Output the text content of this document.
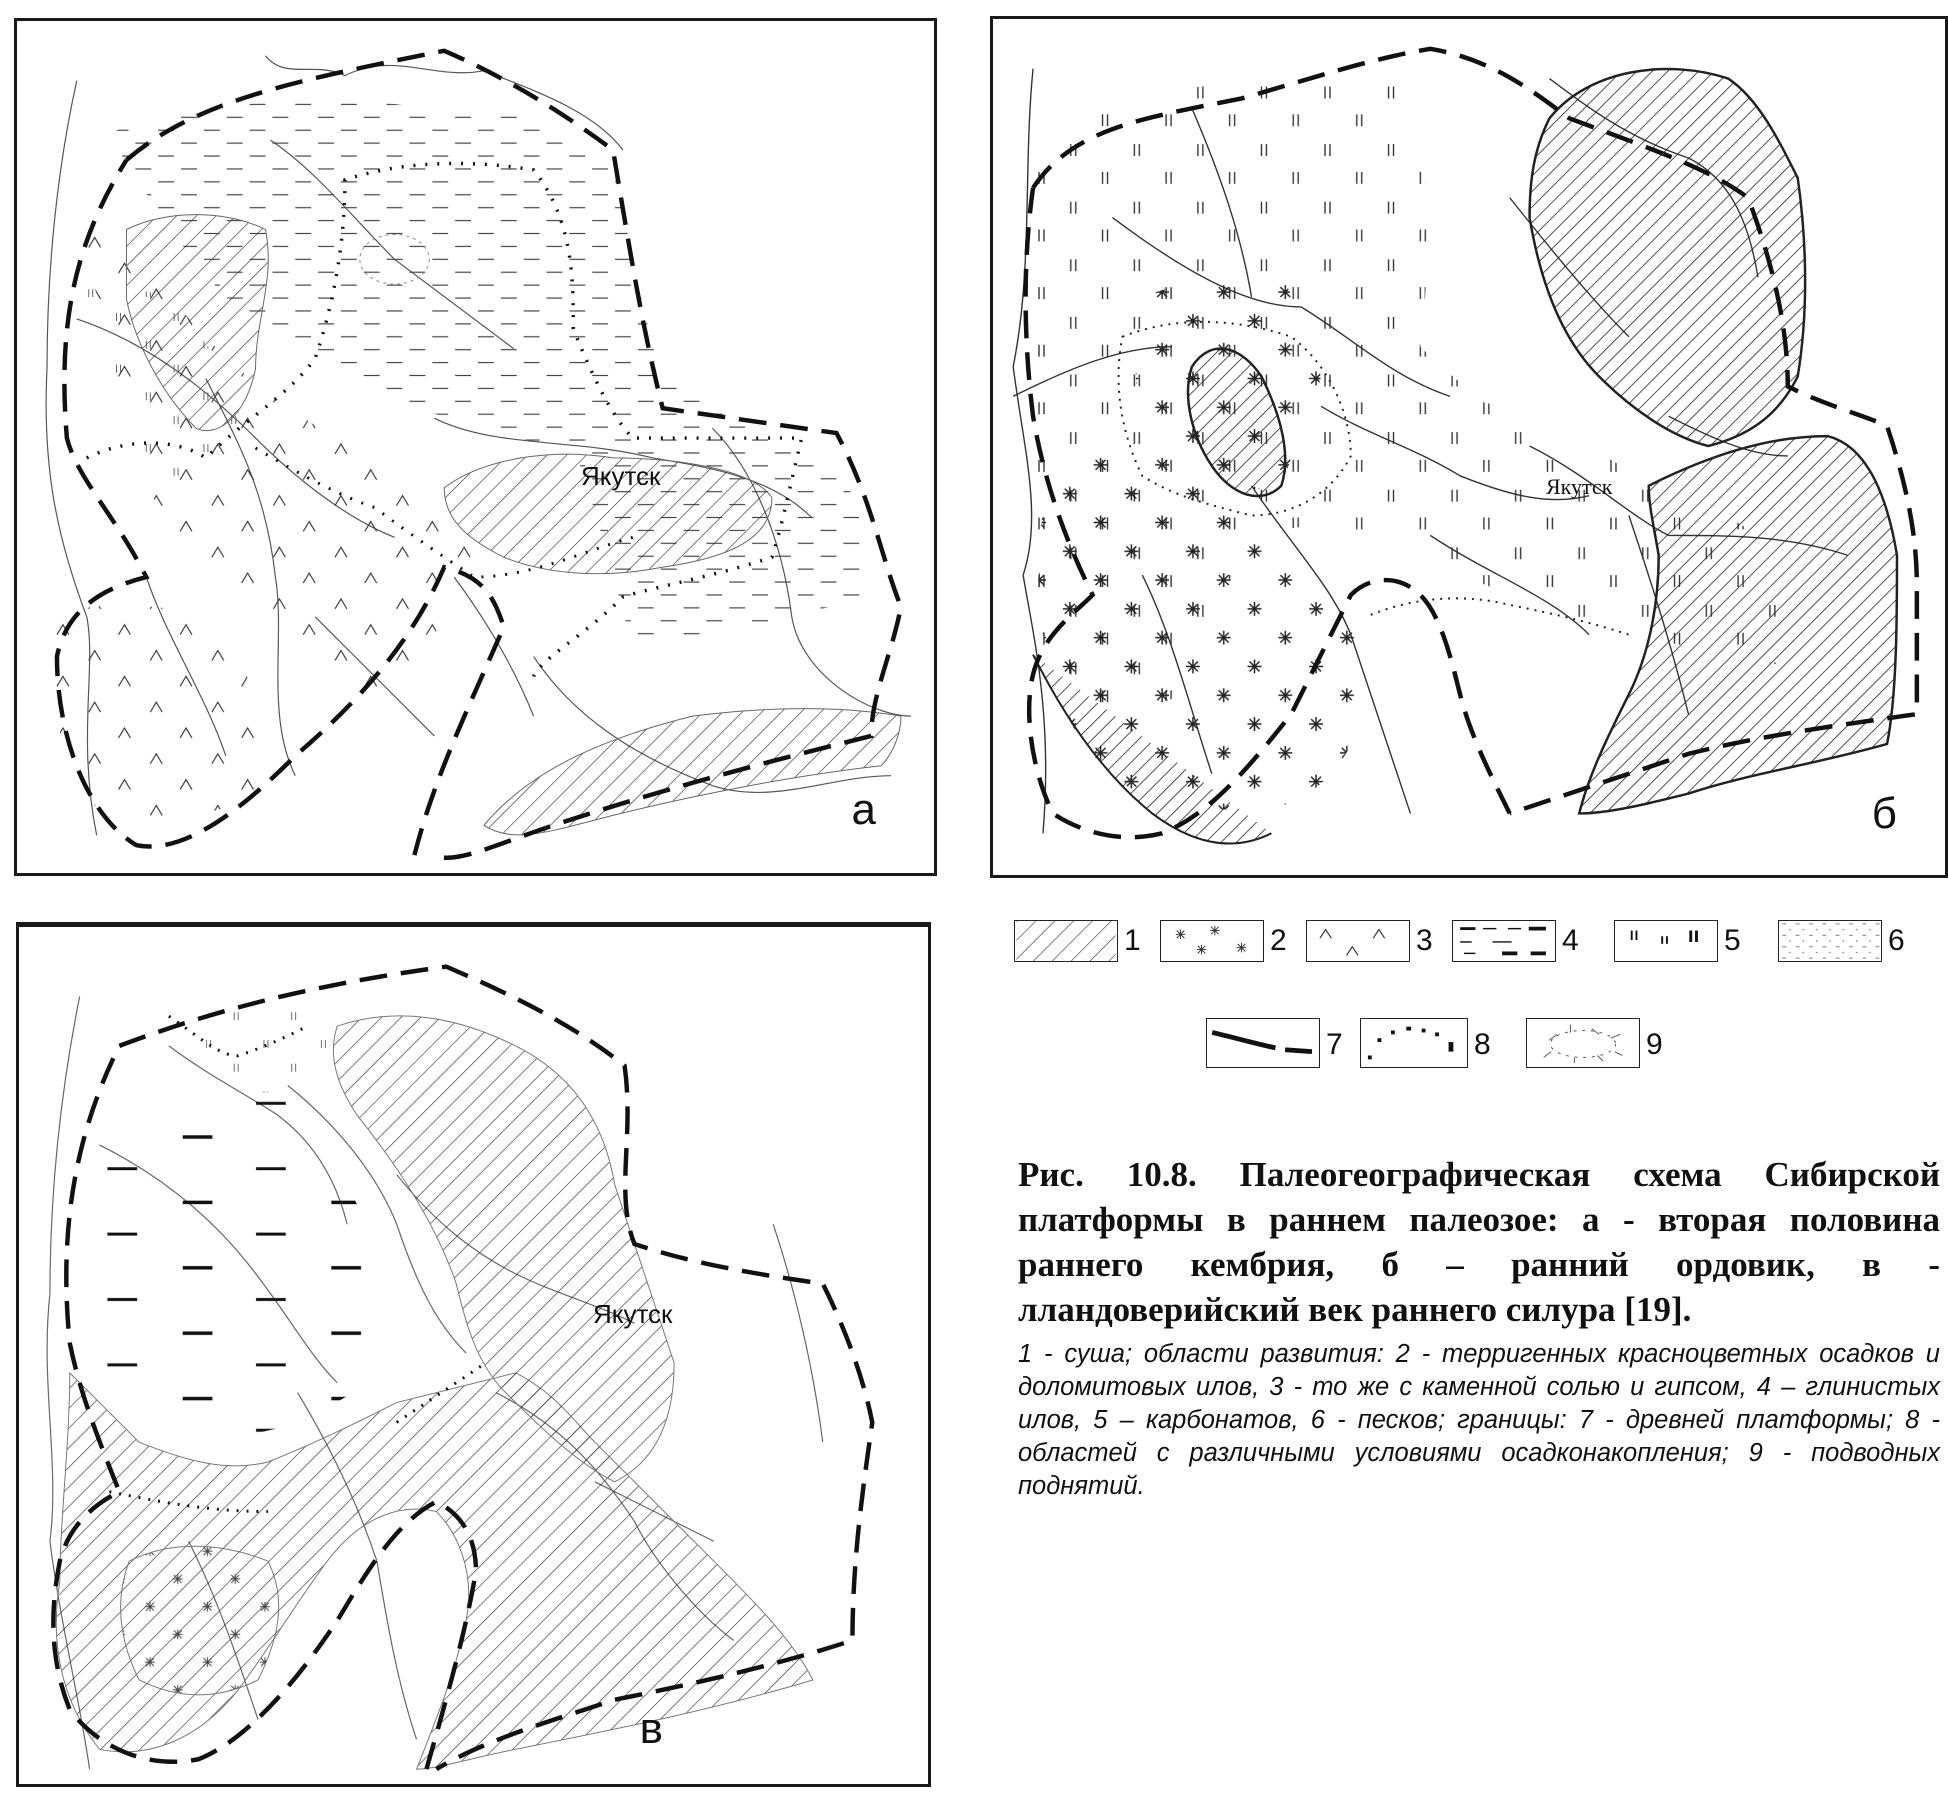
Якутск
а
Якутск
б
Якутск
в
1	2	3	4	5	6
7	8	9
Рис. 10.8. Палеогеографическая схема Сибирской платформы в раннем палеозое: а - вторая половина раннего кембрия, б – ранний ордовик, в - лландоверийский век раннего силура [19].
1 - суша; области развития: 2 - терригенных красноцветных осадков и доломитовых илов, 3 - то же с каменной солью и гипсом, 4 – глинистых илов, 5 – карбонатов, 6 - песков; границы: 7 - древней платформы; 8 - областей с различными условиями осадконакопления; 9 - подводных поднятий.
